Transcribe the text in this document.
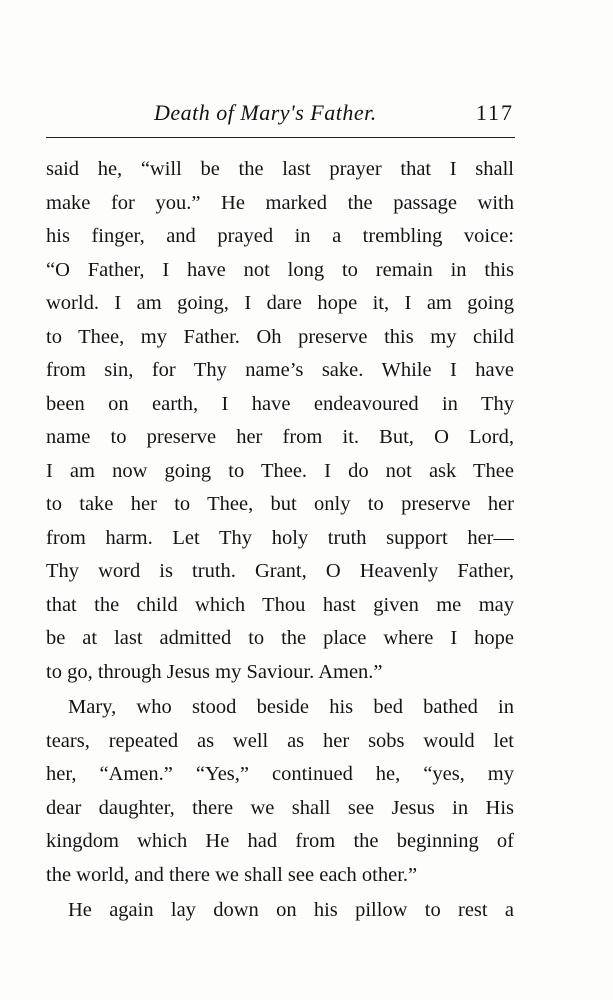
Death of Mary's Father.	117
said he, “will be the last prayer that I shall
make for you.” He marked the passage with
his finger, and prayed in a trembling voice:
“O Father, I have not long to remain in this
world. I am going, I dare hope it, I am going
to Thee, my Father. Oh preserve this my child
from sin, for Thy name’s sake. While I have
been on earth, I have endeavoured in Thy
name to preserve her from it. But, O Lord,
I am now going to Thee. I do not ask Thee
to take her to Thee, but only to preserve her
from harm. Let Thy holy truth support her—
Thy word is truth. Grant, O Heavenly Father,
that the child which Thou hast given me may
be at last admitted to the place where I hope
to go, through Jesus my Saviour. Amen.”
Mary, who stood beside his bed bathed in
tears, repeated as well as her sobs would let
her, “Amen.” “Yes,” continued he, “yes, my
dear daughter, there we shall see Jesus in His
kingdom which He had from the beginning of
the world, and there we shall see each other.”
He again lay down on his pillow to rest a
